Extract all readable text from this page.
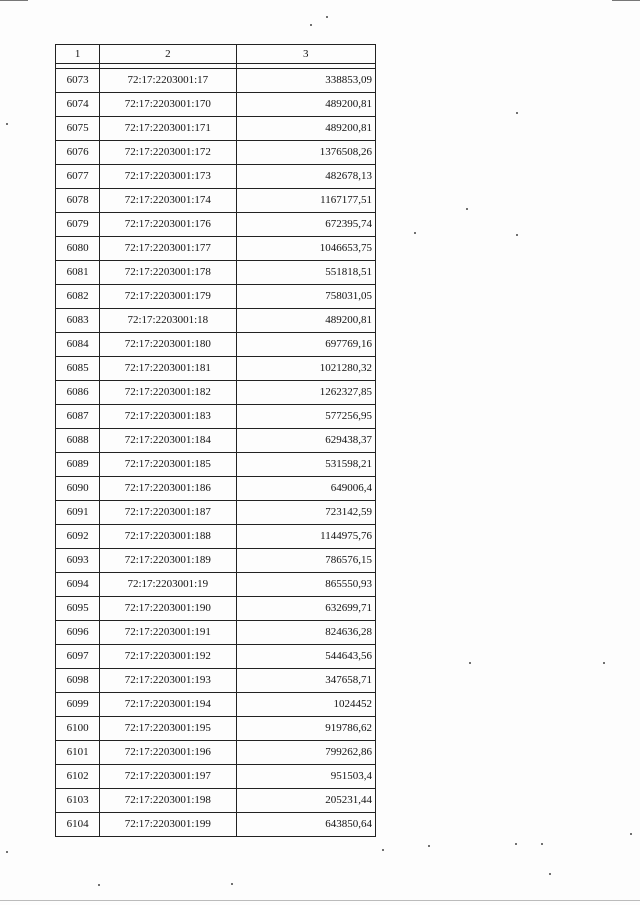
1	2	3

6073	72:17:2203001:17	338853,09
6074	72:17:2203001:170	489200,81
6075	72:17:2203001:171	489200,81
6076	72:17:2203001:172	1376508,26
6077	72:17:2203001:173	482678,13
6078	72:17:2203001:174	1167177,51
6079	72:17:2203001:176	672395,74
6080	72:17:2203001:177	1046653,75
6081	72:17:2203001:178	551818,51
6082	72:17:2203001:179	758031,05
6083	72:17:2203001:18	489200,81
6084	72:17:2203001:180	697769,16
6085	72:17:2203001:181	1021280,32
6086	72:17:2203001:182	1262327,85
6087	72:17:2203001:183	577256,95
6088	72:17:2203001:184	629438,37
6089	72:17:2203001:185	531598,21
6090	72:17:2203001:186	649006,4
6091	72:17:2203001:187	723142,59
6092	72:17:2203001:188	1144975,76
6093	72:17:2203001:189	786576,15
6094	72:17:2203001:19	865550,93
6095	72:17:2203001:190	632699,71
6096	72:17:2203001:191	824636,28
6097	72:17:2203001:192	544643,56
6098	72:17:2203001:193	347658,71
6099	72:17:2203001:194	1024452
6100	72:17:2203001:195	919786,62
6101	72:17:2203001:196	799262,86
6102	72:17:2203001:197	951503,4
6103	72:17:2203001:198	205231,44
6104	72:17:2203001:199	643850,64
